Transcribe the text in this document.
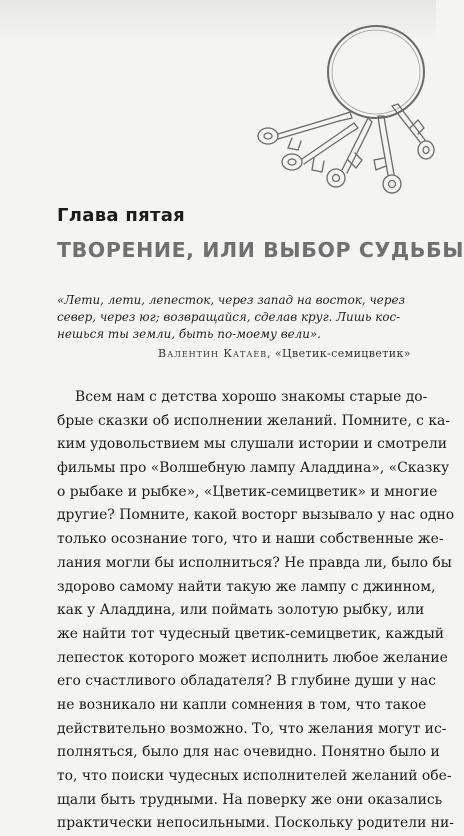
Глава пятая
ТВОРЕНИЕ, ИЛИ ВЫБОР СУДЬБЫ
«Лети, лети, лепесток, через запад на восток, через
север, через юг; возвращайся, сделав круг. Лишь кос-
нешься ты земли, быть по-моему вели».
Валентин Катаев, «Цветик-семицветик»
Всем нам с детства хорошо знакомы старые до-
брые сказки об исполнении желаний. Помните, с ка-
ким удовольствием мы слушали истории и смотрели
фильмы про «Волшебную лампу Аладдина», «Сказку
о рыбаке и рыбке», «Цветик-семицветик» и многие
другие? Помните, какой восторг вызывало у нас одно
только осознание того, что и наши собственные же-
лания могли бы исполниться? Не правда ли, было бы
здорово самому найти такую же лампу с джинном,
как у Аладдина, или поймать золотую рыбку, или
же найти тот чудесный цветик-семицветик, каждый
лепесток которого может исполнить любое желание
его счастливого обладателя? В глубине души у нас
не возникало ни капли сомнения в том, что такое
действительно возможно. То, что желания могут ис-
полняться, было для нас очевидно. Понятно было и
то, что поиски чудесных исполнителей желаний обе-
щали быть трудными. На поверку же они оказались
практически непосильными. Поскольку родители ни-
